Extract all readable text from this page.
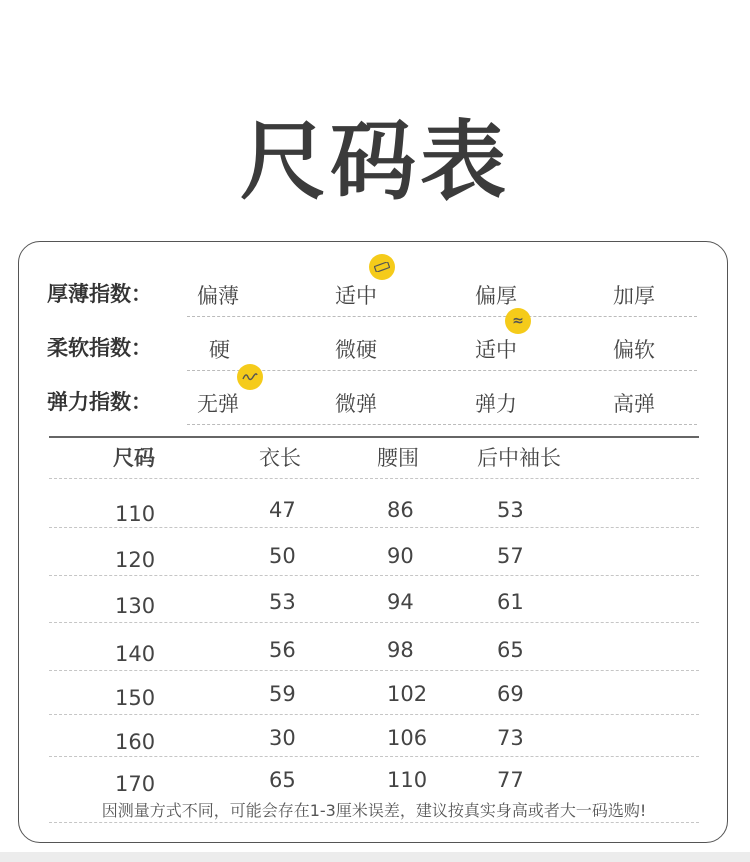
尺码表
厚薄指数： 偏薄	适中	偏厚	加厚
柔软指数：	硬	微硬	适中	偏软
≈
弹力指数： 无弹	微弹	弹力	高弹
尺码	衣长	腰围	后中袖长
110	47	86	53
120	50	90	57
130	53	94	61
140	56	98	65
150	59	102	69
160	30	106	73
170	65	110	77
因测量方式不同，可能会存在1-3厘米误差，建议按真实身高或者大一码选购!
